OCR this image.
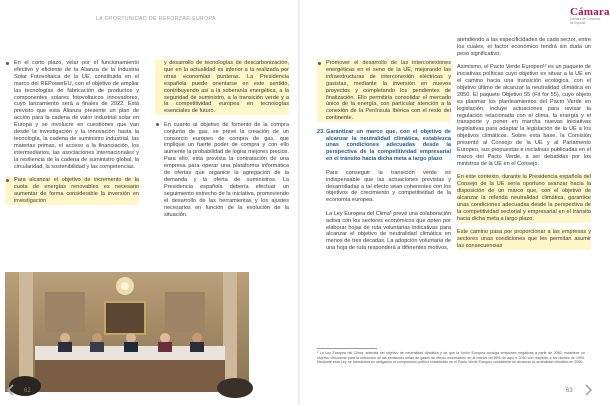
LA OPORTUNIDAD DE REFORZAR EUROPA
En el corto plazo, velar por el funcionamiento efectivo y eficiente de la Alianza de la Industria Solar Fotovoltaica de la UE, constituida en el marco del REPowerEU, con el objetivo de ampliar las tecnologías de fabricación de productos y componentes solares fotovoltaicos innovadores, cuyo lanzamiento será a finales de 2022. Está previsto que esta Alianza presente un plan de acción para la cadena de valor industrial solar en Europa y se involucre en cuestiones que van desde la investigación y la innovación hasta la tecnología, la cadena de suministro industrial, las materias primas, el acceso a la financiación, los intermediarios, las asociaciones internacionales y la resiliencia de la cadena de suministro global, la circularidad, la sostenibilidad y las competencias.
Para alcanzar el objetivo de incremento de la cuota de energías renovables es necesario aumentar de forma considerable la inversión en investigación
y desarrollo de tecnologías de descarbonización, que en la actualidad es inferior a la realizada por otras economías punteras. La Presidencia española puede orientarse en este sentido, contribuyendo así a la soberanía energética, a la seguridad de suministro, a la transición verde y a la competitividad europea en tecnologías esenciales de futuro.
En cuanto al objetivo de fomento de la compra conjunta de gas, se prevé la creación de un consorcio europeo de compra de gas, que implique un fuerte poder de compra y con ello aumente la probabilidad de lograr mejores precios. Para ello, está prevista la contratación de una empresa para operar una plataforma informática de ofertas que organice la agregación de la demanda y la oferta de suministros. La Presidencia española debería efectuar un seguimiento estrecho de la iniciativa, promoviendo el desarrollo de las herramientas y los ajustes necesarios en función de la evolución de la situación.
62
Cámara
Cámara de Comercio de España
Promover el desarrollo de las interconexiones energéticas en el seno de la UE, mejorando las infraestructuras de interconexión eléctricas y gasistas, mediante la inversión en nuevos proyectos y completando los pendientes de finalización. Ello permitiría consolidar el mercado único de la energía, con particular atención a la conexión de la Península Ibérica con el resto del continente.
23. Garantizar un marco que, con el objetivo de alcanzar la neutralidad climática, establezca unas condiciones adecuadas desde la perspectiva de la competitividad empresarial en el tránsito hacia dicha meta a largo plazo
Para conseguir la transición verde es indispensable que las actuaciones previstas y desarrolladas a tal efecto sean coherentes con los objetivos de crecimiento y competitividad de la economía europea.
La Ley Europea del Clima¹ prevé una colaboración activa con los sectores económicos que opten por elaborar hojas de ruta voluntarias indicativas para alcanzar el objetivo de neutralidad climática en menos de tres décadas. La adopción voluntaria de una hoja de ruta responderá a diferentes motivos,
atendiendo a las especificidades de cada sector, entre los cuales, el factor económico tendrá sin duda un peso significativo.
Asimismo, el Pacto Verde Europeo¹² es un paquete de iniciativas políticas cuyo objetivo es situar a la UE en el camino hacia una transición ecológica, con el objetivo último de alcanzar la neutralidad climática en 2050. El paquete Objetivo 55 (Fit for 55), cuyo objeto es plasmar los planteamientos del Pacto Verde en legislación, incluye actuaciones para revisar la regulación relacionada con el clima, la energía y el transporte y poner en marcha nuevas iniciativas legislativas para adaptar la legislación de la UE a los objetivos climáticos. Sobre esta base, la Comisión presentó al Consejo de la UE y al Parlamento Europeo, sus propuestas e iniciativas publicadas en el marco del Pacto Verde, a ser debatidas por los ministros de la UE en el Consejo.
En este contexto, durante la Presidencia española del Consejo de la UE sería oportuno avanzar hacia la disposición de un marco que, con el objetivo de alcanzar la referida neutralidad climática, garantice unas condiciones adecuadas desde la perspectiva de la competitividad sectorial y empresarial en el tránsito hacia dicha meta a largo plazo.
Este camino pasa por proporcionar a las empresas y sectores unas condiciones que les permitan asumir las consecuencias
¹ La Ley Europea del Clima, además del objetivo de neutralidad climática y de que la Unión Europea consiga emisiones negativas a partir de 2050, establece un objetivo vinculante para la reducción de las emisiones netas de gases de efecto invernadero en al menos un 55% de aquí a 2030 con respecto a los niveles de 1990. Mediante esta Ley, se transforma en obligación el compromiso político establecido en el Pacto Verde Europeo consistente en alcanzar la neutralidad climática en 2050.
63
